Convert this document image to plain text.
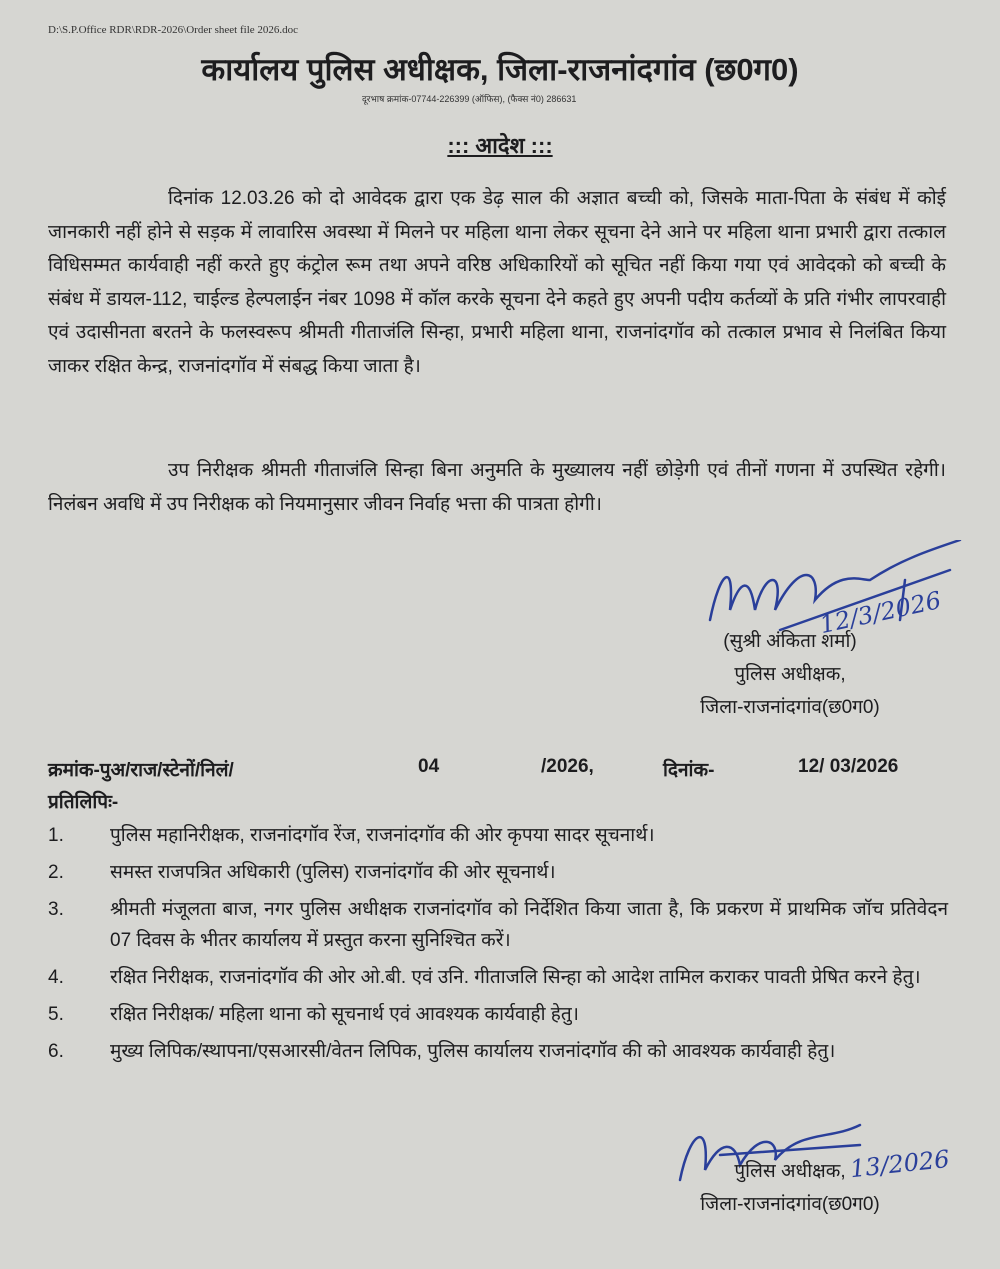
D:\S.P.Office RDR\RDR-2026\Order sheet file 2026.doc
कार्यालय पुलिस अधीक्षक, जिला-राजनांदगांव (छ0ग0)
दूरभाष क्रमांक-07744-226399 (ऑफिस), (फैक्स नं0) 286631
::: आदेश :::

दिनांक 12.03.26 को दो आवेदक द्वारा एक डेढ़ साल की अज्ञात बच्ची को, जिसके माता-पिता के संबंध में कोई जानकारी नहीं होने से सड़क में लावारिस अवस्था में मिलने पर महिला थाना लेकर सूचना देने आने पर महिला थाना प्रभारी द्वारा तत्काल विधिसम्मत कार्यवाही नहीं करते हुए कंट्रोल रूम तथा अपने वरिष्ठ अधिकारियों को सूचित नहीं किया गया एवं आवेदको को बच्ची के संबंध में डायल-112, चाईल्ड हेल्पलाईन नंबर 1098 में कॉल करके सूचना देने कहते हुए अपनी पदीय कर्तव्यों के प्रति गंभीर लापरवाही एवं उदासीनता बरतने के फलस्वरूप श्रीमती गीताजंलि सिन्हा, प्रभारी महिला थाना, राजनांदगॉव को तत्काल प्रभाव से निलंबित किया जाकर रक्षित केन्द्र, राजनांदगॉव में संबद्ध किया जाता है।

उप निरीक्षक श्रीमती गीताजंलि सिन्हा बिना अनुमति के मुख्यालय नहीं छोड़ेगी एवं तीनों गणना में उपस्थित रहेगी। निलंबन अवधि में उप निरीक्षक को नियमानुसार जीवन निर्वाह भत्ता की पात्रता होगी।

12/3/2026
(सुश्री अंकिता शर्मा)
पुलिस अधीक्षक,
जिला-राजनांदगांव(छ0ग0)
क्रमांक-पुअ/राज/स्टेनों/निलं/	04	/2026,	दिनांक-	12/ 03/2026
प्रतिलिपिः-
1.	पुलिस महानिरीक्षक, राजनांदगॉव रेंज, राजनांदगॉव की ओर कृपया सादर सूचनार्थ।
2.	समस्त राजपत्रित अधिकारी (पुलिस) राजनांदगॉव की ओर सूचनार्थ।
3.	श्रीमती मंजूलता बाज, नगर पुलिस अधीक्षक राजनांदगॉव को निर्देशित किया जाता है, कि प्रकरण में प्राथमिक जॉच प्रतिवेदन 07 दिवस के भीतर कार्यालय में प्रस्तुत करना सुनिश्चित करें।
4.	रक्षित निरीक्षक, राजनांदगॉव की ओर ओ.बी. एवं उनि. गीताजलि सिन्हा को आदेश तामिल कराकर पावती प्रेषित करने हेतु।
5.	रक्षित निरीक्षक/ महिला थाना को सूचनार्थ एवं आवश्यक कार्यवाही हेतु।
6.	मुख्य लिपिक/स्थापना/एसआरसी/वेतन लिपिक, पुलिस कार्यालय राजनांदगॉव की को आवश्यक कार्यवाही हेतु।
13/2026
पुलिस अधीक्षक,
जिला-राजनांदगांव(छ0ग0)
